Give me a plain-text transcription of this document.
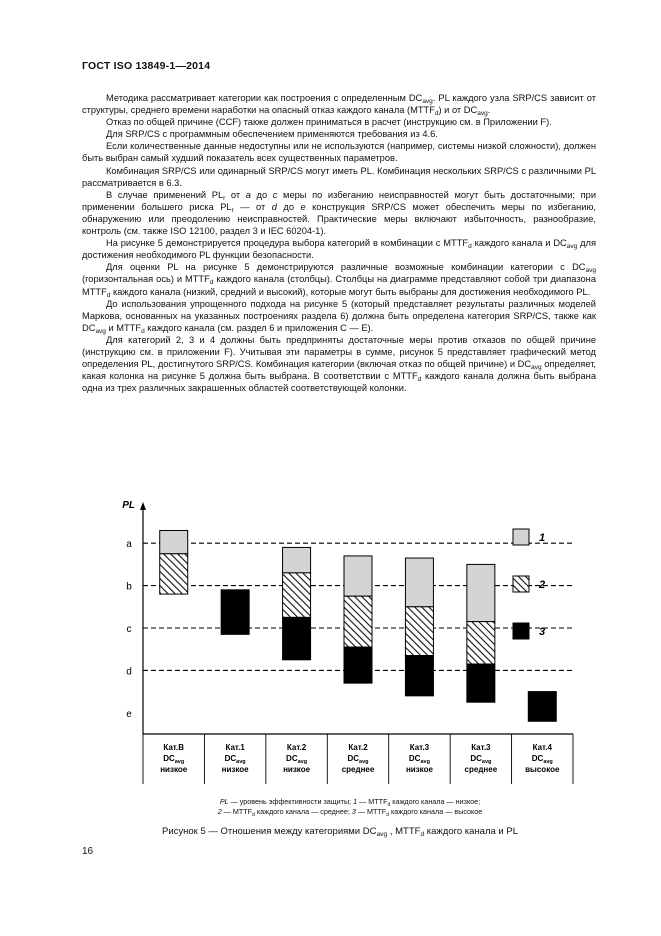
ГОСТ ISO 13849-1—2014

Методика рассматривает категории как построения с определенным $DC_{avg}$. PL каждого узла SRP/CS зависит от структуры, среднего времени наработки на опасный отказ каждого канала $(MTTF_d)$ и от $DC_{avg}$.

Отказ по общей причине (CCF) также должен приниматься в расчет (инструкцию см. в Приложении F).

Для SRP/CS с программным обеспечением применяются требования из 4.6.

Если количественные данные недоступны или не используются (например, системы низкой сложности), должен быть выбран самый худший показатель всех существенных параметров.

Комбинация SRP/CS или одинарный SRP/CS могут иметь PL. Комбинация нескольких SRP/CS с различными PL рассматривается в 6.3.

В случае применений $PL_r$ от a до c меры по избеганию неисправностей могут быть достаточными; при применении большего риска $PL_r$ — от d до e конструкция SRP/CS может обеспечить меры по избеганию, обнаружению или преодолению неисправностей. Практические меры включают избыточность, разнообразие, контроль (см. также ISO 12100, раздел 3 и IEC 60204-1).

На рисунке 5 демонстрируется процедура выбора категорий в комбинации с $MTTF_d$ каждого канала и $DC_{avg}$ для достижения необходимого PL функции безопасности.

Для оценки PL на рисунке 5 демонстрируются различные возможные комбинации категории с $DC_{avg}$ (горизонтальная ось) и $MTTF_d$ каждого канала (столбцы). Столбцы на диаграмме представляют собой три диапазона $MTTF_d$ каждого канала (низкий, средний и высокий), которые могут быть выбраны для достижения необходимого PL.

До использования упрощенного подхода на рисунке 5 (который представляет результаты различных моделей Маркова, основанных на указанных построениях раздела 6) должна быть определена категория SRP/CS, также как $DC_{avg}$ и $MTTF_d$ каждого канала (см. раздел 6 и приложения С — Е).

Для категорий 2, 3 и 4 должны быть предприняты достаточные меры против отказов по общей причине (инструкцию см. в приложении F). Учитывая эти параметры в сумме, рисунок 5 представляет графический метод определения PL, достигнутого SRP/CS. Комбинация категории (включая отказ по общей причине) и $DC_{avg}$ определяет, какая колонка на рисунке 5 должна быть выбрана. В соответствии с $MTTF_d$ каждого канала должна быть выбрана одна из трех различных закрашенных областей соответствующей колонки.

PL
a
b
c
d
e
Кат.В
$DC_{avg}$
низкое
Кат.1
$DC_{avg}$
низкое
Кат.2
$DC_{avg}$
низкое
Кат.2
$DC_{avg}$
среднее
Кат.3
$DC_{avg}$
низкое
Кат.3
$DC_{avg}$
среднее
Кат.4
$DC_{avg}$
высокое
1
2
3
PL — уровень эффективности защиты; 1 — $MTTF_d$ каждого канала — низкое;
2 — $MTTF_d$ каждого канала — среднее; 3 — $MTTF_d$ каждого канала — высокое
Рисунок 5 — Отношения между категориями $DC_{avg}$ , $MTTF_d$ каждого канала и PL
16
